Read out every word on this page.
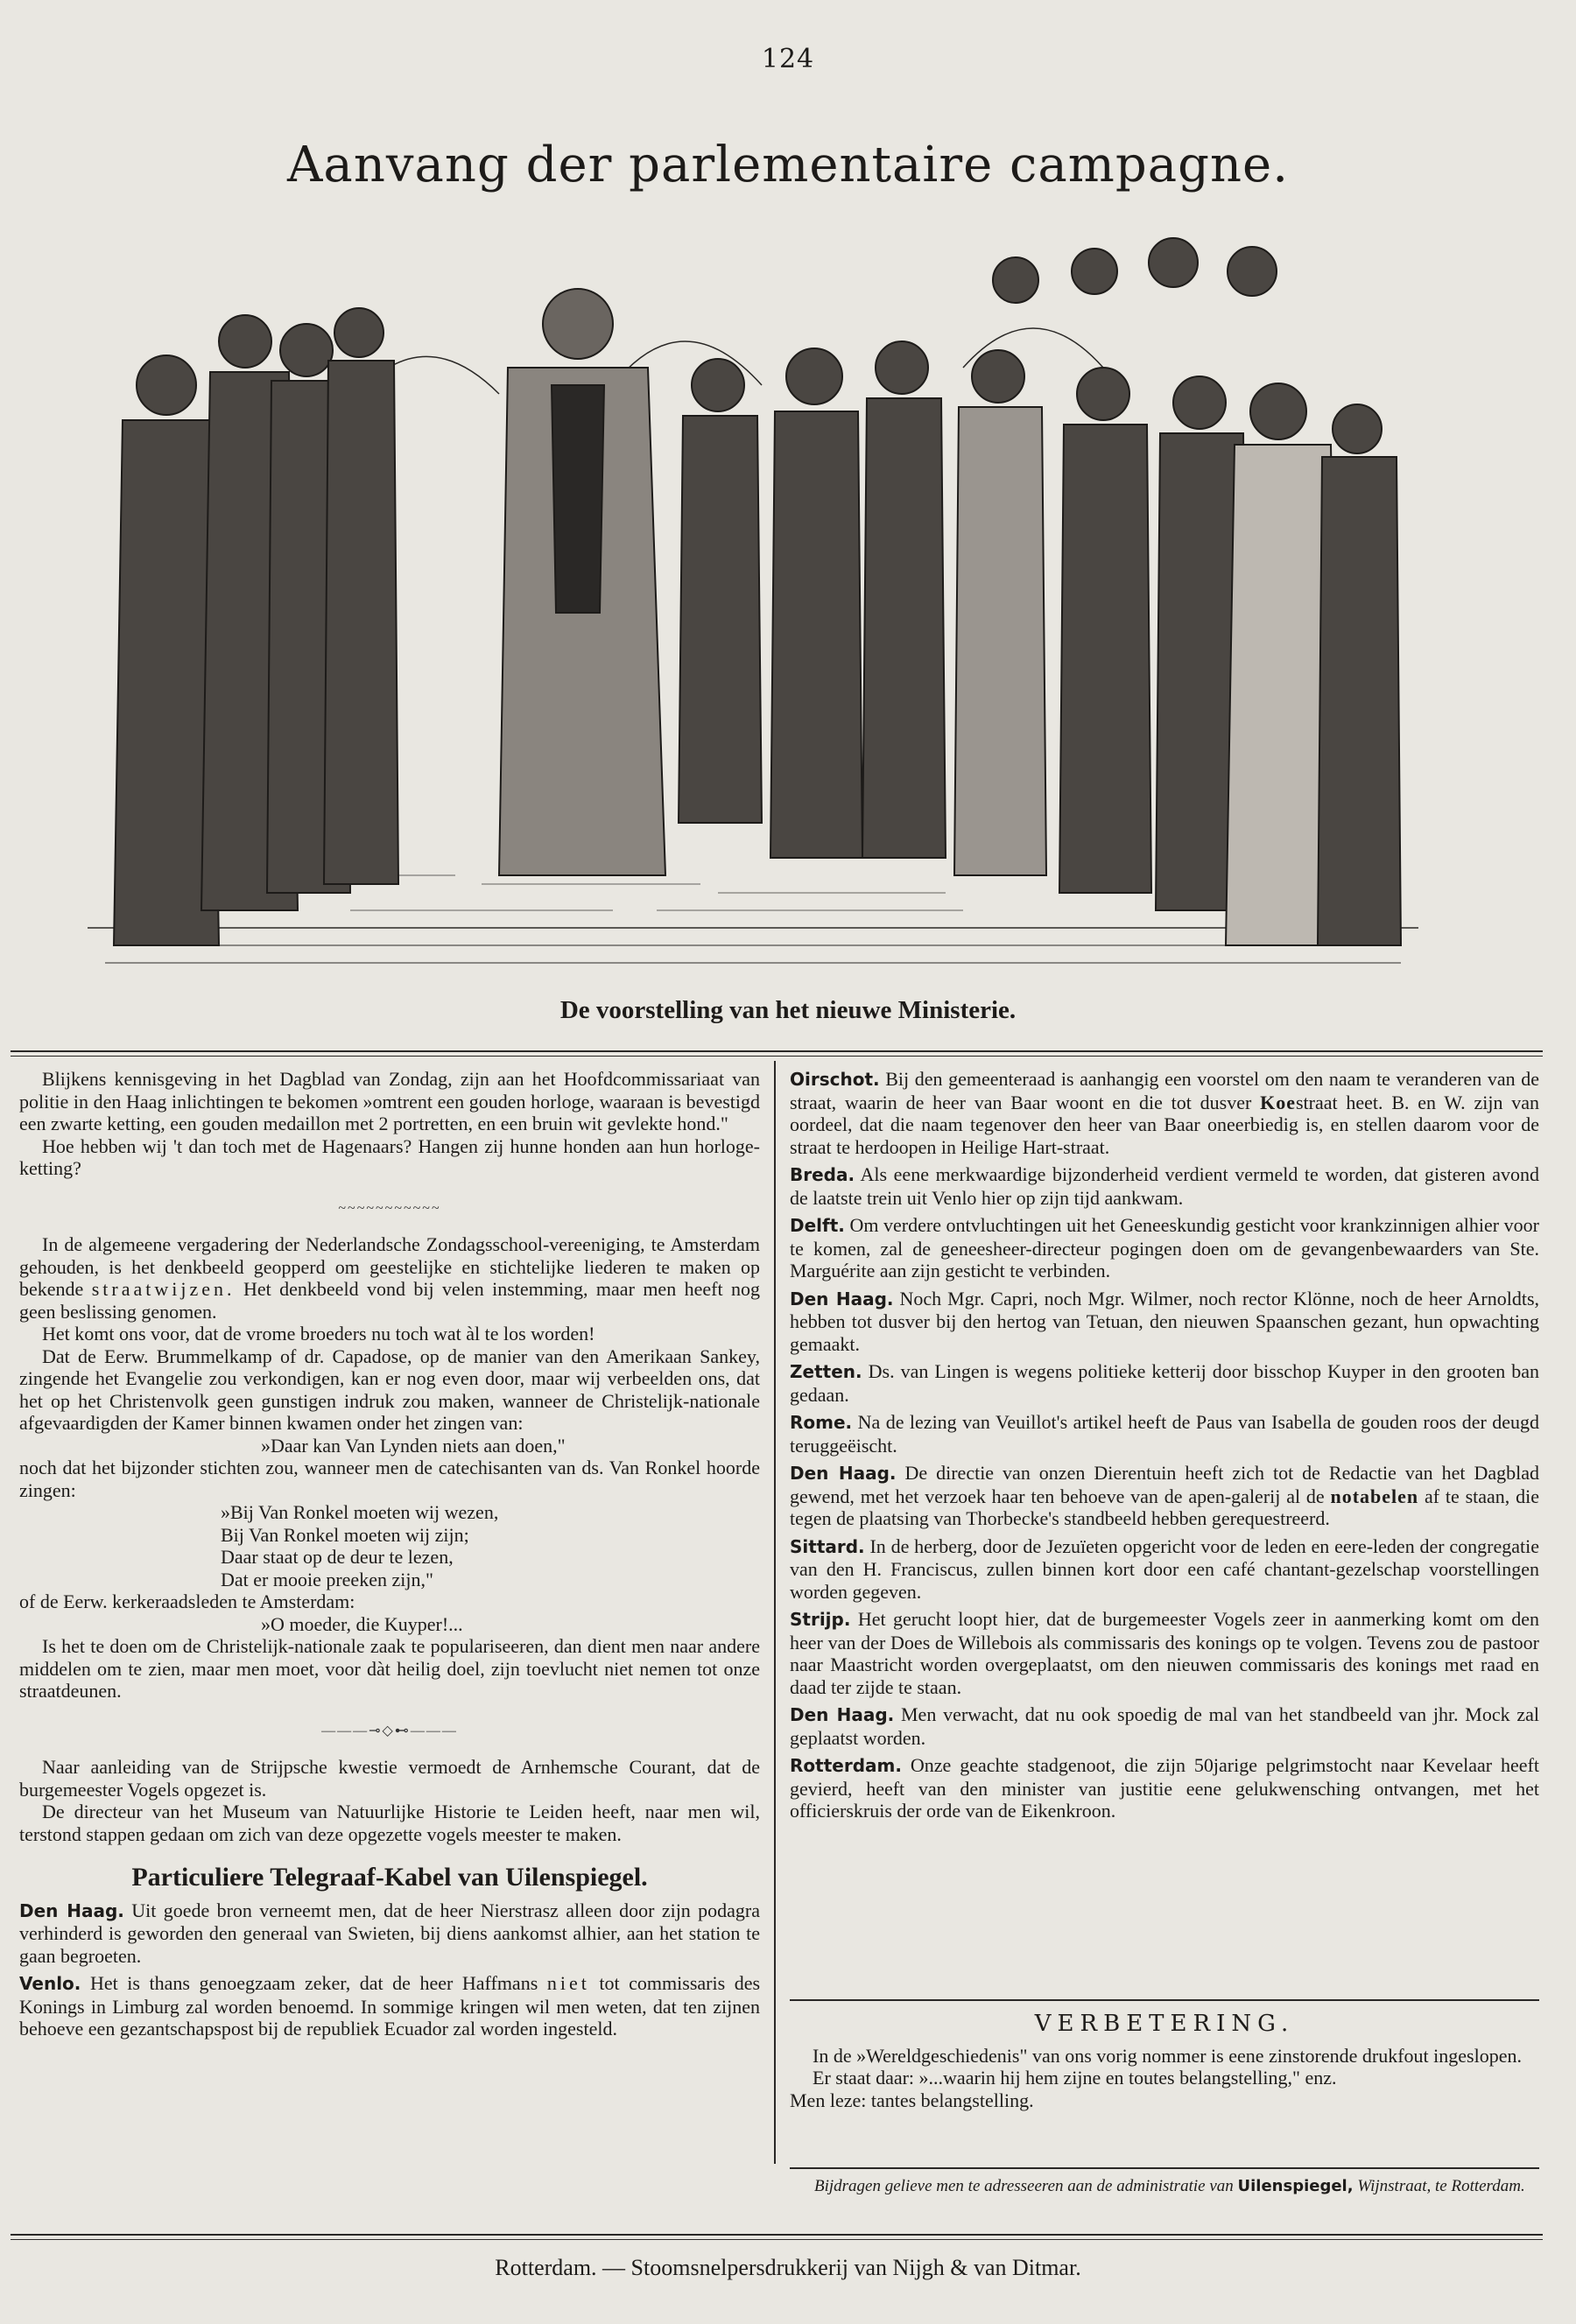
124
Aanvang der parlementaire campagne.
De voorstelling van het nieuwe Ministerie.

Blijkens kennisgeving in het Dagblad van Zondag, zijn aan het Hoofdcommissariaat van politie in den Haag inlichtingen te bekomen »omtrent een gouden horloge, waaraan is bevestigd een zwarte ketting, een gouden medaillon met 2 portretten, en een bruin wit gevlekte hond."

Hoe hebben wij 't dan toch met de Hagenaars? Hangen zij hunne honden aan hun horloge-ketting?

~~~~~~~~~~~

In de algemeene vergadering der Nederlandsche Zondagsschool-vereeniging, te Amsterdam gehouden, is het denkbeeld geopperd om geestelijke en stichtelijke liederen te maken op bekende straatwijzen. Het denkbeeld vond bij velen instemming, maar men heeft nog geen beslissing genomen.

Het komt ons voor, dat de vrome broeders nu toch wat àl te los worden!

Dat de Eerw. Brummelkamp of dr. Capadose, op de manier van den Amerikaan Sankey, zingende het Evangelie zou verkondigen, kan er nog even door, maar wij verbeelden ons, dat het op het Christenvolk geen gunstigen indruk zou maken, wanneer de Christelijk-nationale afgevaardigden der Kamer binnen kwamen onder het zingen van:

»Daar kan Van Lynden niets aan doen,"

noch dat het bijzonder stichten zou, wanneer men de catechisanten van ds. Van Ronkel hoorde zingen:

»Bij Van Ronkel moeten wij wezen,
Bij Van Ronkel moeten wij zijn;
Daar staat op de deur te lezen,
Dat er mooie preeken zijn,"

of de Eerw. kerkeraadsleden te Amsterdam:

»O moeder, die Kuyper!...

Is het te doen om de Christelijk-nationale zaak te populariseeren, dan dient men naar andere middelen om te zien, maar men moet, voor dàt heilig doel, zijn toevlucht niet nemen tot onze straatdeunen.

———⊸◇⊷———

Naar aanleiding van de Strijpsche kwestie vermoedt de Arnhemsche Courant, dat de burgemeester Vogels opgezet is.

De directeur van het Museum van Natuurlijke Historie te Leiden heeft, naar men wil, terstond stappen gedaan om zich van deze opgezette vogels meester te maken.

Particuliere Telegraaf-Kabel van Uilenspiegel.

Den Haag. Uit goede bron verneemt men, dat de heer Nierstrasz alleen door zijn podagra verhinderd is geworden den generaal van Swieten, bij diens aankomst alhier, aan het station te gaan begroeten.

Venlo. Het is thans genoegzaam zeker, dat de heer Haffmans niet tot commissaris des Konings in Limburg zal worden benoemd. In sommige kringen wil men weten, dat ten zijnen behoeve een gezantschapspost bij de republiek Ecuador zal worden ingesteld.

Oirschot. Bij den gemeenteraad is aanhangig een voorstel om den naam te veranderen van de straat, waarin de heer van Baar woont en die tot dusver Koestraat heet. B. en W. zijn van oordeel, dat die naam tegenover den heer van Baar oneerbiedig is, en stellen daarom voor de straat te herdoopen in Heilige Hart-straat.

Breda. Als eene merkwaardige bijzonderheid verdient vermeld te worden, dat gisteren avond de laatste trein uit Venlo hier op zijn tijd aankwam.

Delft. Om verdere ontvluchtingen uit het Geneeskundig gesticht voor krankzinnigen alhier voor te komen, zal de geneesheer-directeur pogingen doen om de gevangenbewaarders van Ste. Marguérite aan zijn gesticht te verbinden.

Den Haag. Noch Mgr. Capri, noch Mgr. Wilmer, noch rector Klönne, noch de heer Arnoldts, hebben tot dusver bij den hertog van Tetuan, den nieuwen Spaanschen gezant, hun opwachting gemaakt.

Zetten. Ds. van Lingen is wegens politieke ketterij door bisschop Kuyper in den grooten ban gedaan.

Rome. Na de lezing van Veuillot's artikel heeft de Paus van Isabella de gouden roos der deugd teruggeëischt.

Den Haag. De directie van onzen Dierentuin heeft zich tot de Redactie van het Dagblad gewend, met het verzoek haar ten behoeve van de apen-galerij al de notabelen af te staan, die tegen de plaatsing van Thorbecke's standbeeld hebben gerequestreerd.

Sittard. In de herberg, door de Jezuïeten opgericht voor de leden en eere-leden der congregatie van den H. Franciscus, zullen binnen kort door een café chantant-gezelschap voorstellingen worden gegeven.

Strijp. Het gerucht loopt hier, dat de burgemeester Vogels zeer in aanmerking komt om den heer van der Does de Willebois als commissaris des konings op te volgen. Tevens zou de pastoor naar Maastricht worden overgeplaatst, om den nieuwen commissaris des konings met raad en daad ter zijde te staan.

Den Haag. Men verwacht, dat nu ook spoedig de mal van het standbeeld van jhr. Mock zal geplaatst worden.

Rotterdam. Onze geachte stadgenoot, die zijn 50jarige pelgrimstocht naar Kevelaar heeft gevierd, heeft van den minister van justitie eene gelukwensching ontvangen, met het officierskruis der orde van de Eikenkroon.

VERBETERING.

In de »Wereldgeschiedenis" van ons vorig nommer is eene zinstorende drukfout ingeslopen.

Er staat daar: »...waarin hij hem zijne en toutes belangstelling," enz.

Men leze: tantes belangstelling.

Bijdragen gelieve men te adresseeren aan de administratie van Uilenspiegel, Wijnstraat, te Rotterdam.
Rotterdam. — Stoomsnelpersdrukkerij van Nijgh & van Ditmar.
